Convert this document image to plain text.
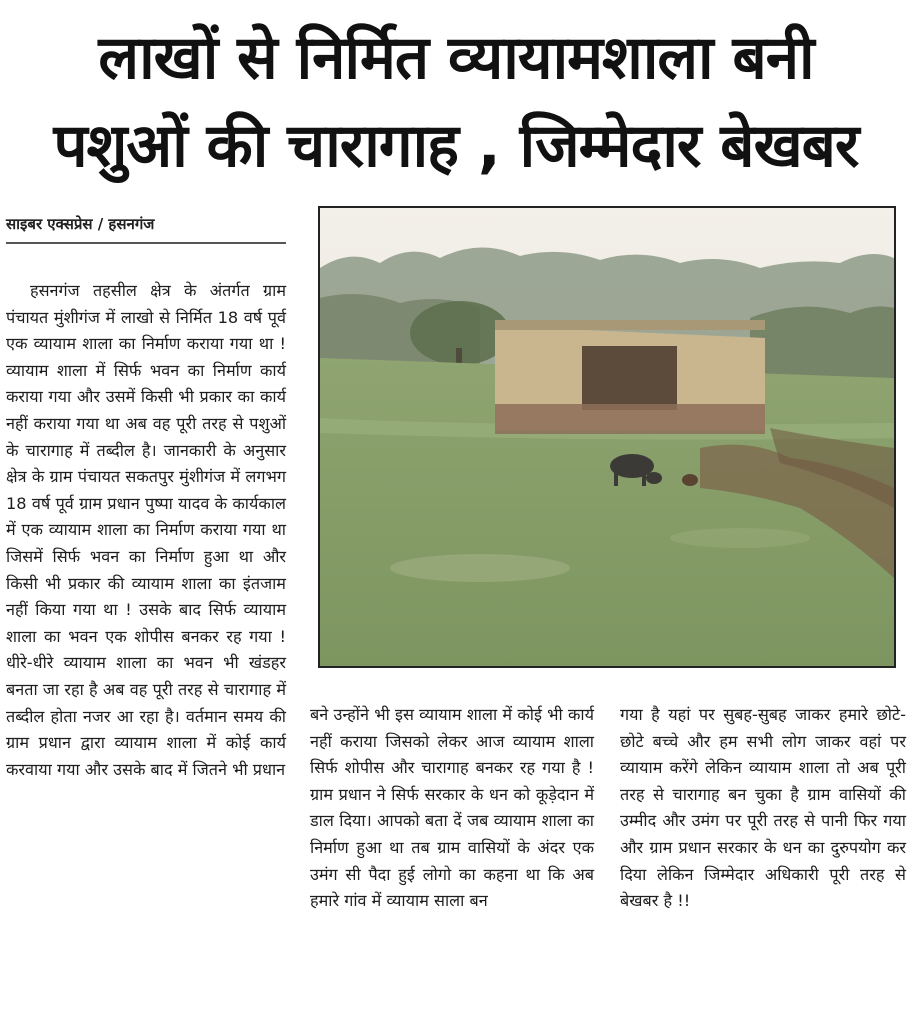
लाखों से निर्मित व्यायामशाला बनी
पशुओं की चारागाह , जिम्मेदार बेखबर
साइबर एक्सप्रेस / हसनगंज

हसनगंज तहसील क्षेत्र के अंतर्गत ग्राम पंचायत मुंशीगंज में लाखो से निर्मित 18 वर्ष पूर्व एक व्यायाम शाला का निर्माण कराया गया था ! व्यायाम शाला में सिर्फ भवन का निर्माण कार्य कराया गया और उसमें किसी भी प्रकार का कार्य नहीं कराया गया था अब वह पूरी तरह से पशुओं के चारागाह में तब्दील है। जानकारी के अनुसार क्षेत्र के ग्राम पंचायत सकतपुर मुंशीगंज में लगभग 18 वर्ष पूर्व ग्राम प्रधान पुष्पा यादव के कार्यकाल में एक व्यायाम शाला का निर्माण कराया गया था जिसमें सिर्फ भवन का निर्माण हुआ था और किसी भी प्रकार की व्यायाम शाला का इंतजाम नहीं किया गया था ! उसके बाद सिर्फ व्यायाम शाला का भवन एक शोपीस बनकर रह गया ! धीरे-धीरे व्यायाम शाला का भवन भी खंडहर बनता जा रहा है अब वह पूरी तरह से चारागाह में तब्दील होता नजर आ रहा है। वर्तमान समय की ग्राम प्रधान द्वारा व्यायाम शाला में कोई कार्य करवाया गया और उसके बाद में जितने भी प्रधान

बने उन्होंने भी इस व्यायाम शाला में कोई भी कार्य नहीं कराया जिसको लेकर आज व्यायाम शाला सिर्फ शोपीस और चारागाह बनकर रह गया है ! ग्राम प्रधान ने सिर्फ सरकार के धन को कूड़ेदान में डाल दिया। आपको बता दें जब व्यायाम शाला का निर्माण हुआ था तब ग्राम वासियों के अंदर एक उमंग सी पैदा हुई लोगो का कहना था कि अब हमारे गांव में व्यायाम साला बन

गया है यहां पर सुबह-सुबह जाकर हमारे छोटे-छोटे बच्चे और हम सभी लोग जाकर वहां पर व्यायाम करेंगे लेकिन व्यायाम शाला तो अब पूरी तरह से चारागाह बन चुका है ग्राम वासियों की उम्मीद और उमंग पर पूरी तरह से पानी फिर गया और ग्राम प्रधान सरकार के धन का दुरुपयोग कर दिया लेकिन जिम्मेदार अधिकारी पूरी तरह से बेखबर है !!
